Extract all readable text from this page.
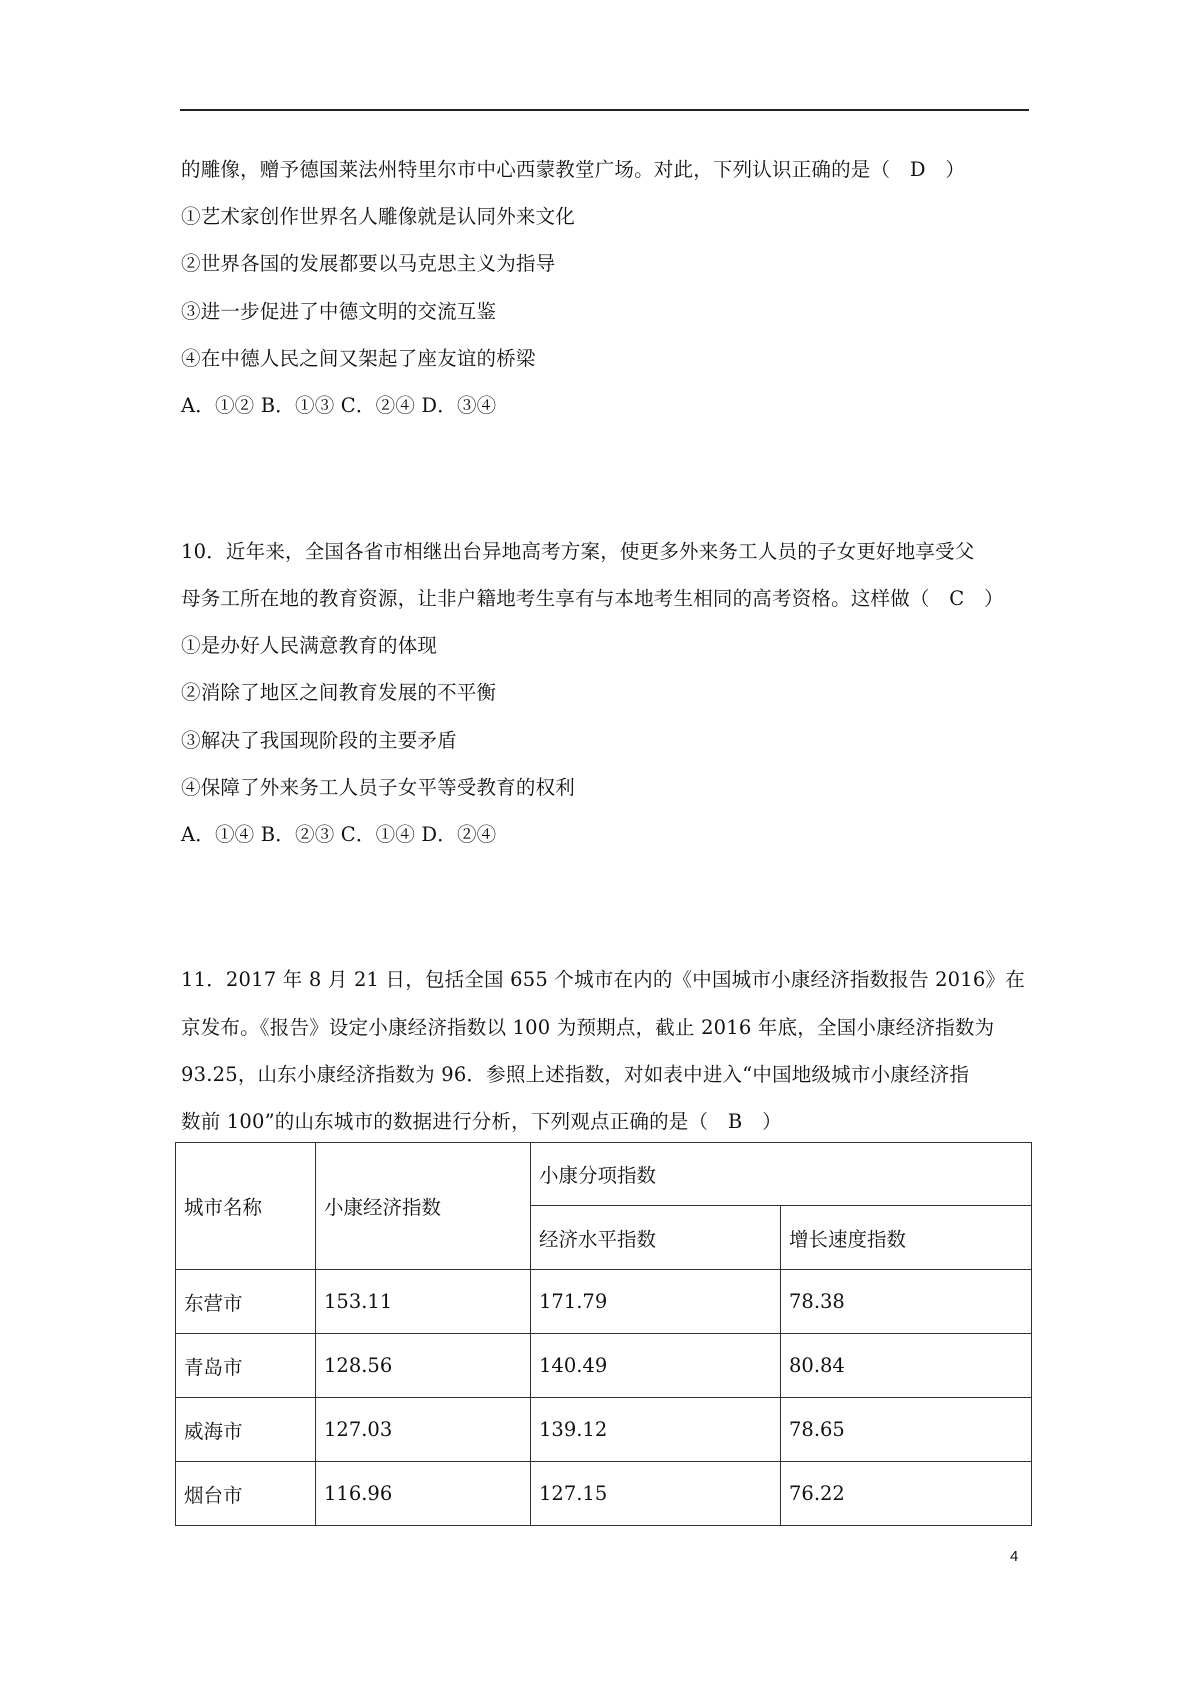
的雕像，赠予德国莱法州特里尔市中心西蒙教堂广场。对此，下列认识正确的是（　D　）
①艺术家创作世界名人雕像就是认同外来文化
②世界各国的发展都要以马克思主义为指导
③进一步促进了中德文明的交流互鉴
④在中德人民之间又架起了座友谊的桥梁
A．①② B．①③ C．②④ D．③④
10．近年来，全国各省市相继出台异地高考方案，使更多外来务工人员的子女更好地享受父
母务工所在地的教育资源，让非户籍地考生享有与本地考生相同的高考资格。这样做（　C　）
①是办好人民满意教育的体现
②消除了地区之间教育发展的不平衡
③解决了我国现阶段的主要矛盾
④保障了外来务工人员子女平等受教育的权利
A．①④ B．②③ C．①④ D．②④
11．2017 年 8 月 21 日，包括全国 655 个城市在内的《中国城市小康经济指数报告 2016》在
京发布。《报告》设定小康经济指数以 100 为预期点，截止 2016 年底，全国小康经济指数为
93.25，山东小康经济指数为 96．参照上述指数，对如表中进入“中国地级城市小康经济指
数前 100”的山东城市的数据进行分析，下列观点正确的是（　B　）
城市名称	小康经济指数	小康分项指数	
		经济水平指数	增长速度指数
东营市	153.11	171.79	78.38
青岛市	128.56	140.49	80.84
威海市	127.03	139.12	78.65
烟台市	116.96	127.15	76.22
4
